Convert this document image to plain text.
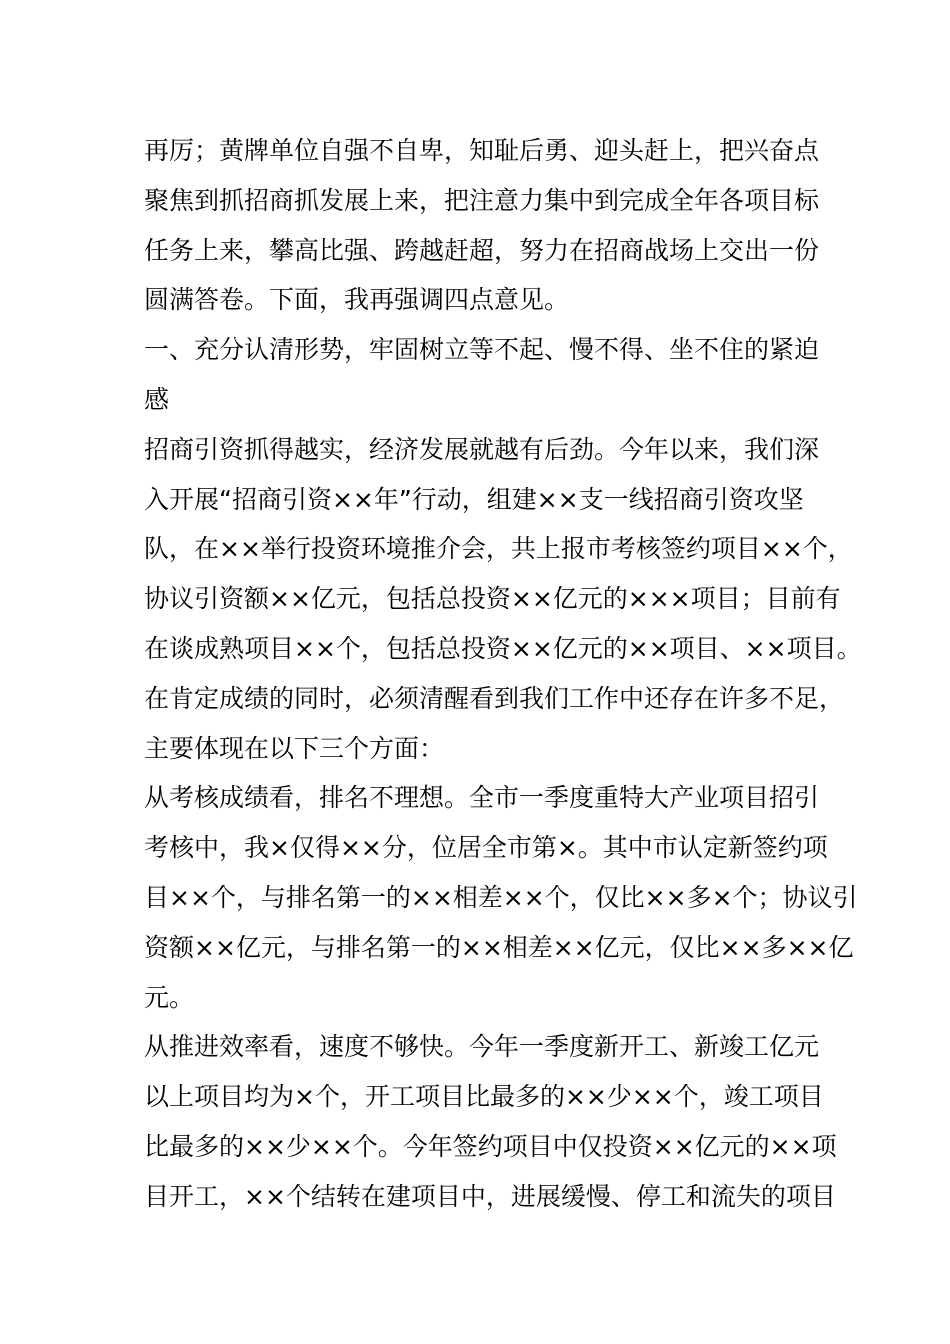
再厉；黄牌单位自强不自卑，知耻后勇、迎头赶上，把兴奋点
聚焦到抓招商抓发展上来，把注意力集中到完成全年各项目标
任务上来，攀高比强、跨越赶超，努力在招商战场上交出一份
圆满答卷。下面，我再强调四点意见。
一、充分认清形势，牢固树立等不起、慢不得、坐不住的紧迫
感
招商引资抓得越实，经济发展就越有后劲。今年以来，我们深
入开展“招商引资××年”行动，组建××支一线招商引资攻坚
队，在××举行投资环境推介会，共上报市考核签约项目××个，
协议引资额××亿元，包括总投资××亿元的×××项目；目前有
在谈成熟项目××个，包括总投资××亿元的××项目、××项目。
在肯定成绩的同时，必须清醒看到我们工作中还存在许多不足，
主要体现在以下三个方面：
从考核成绩看，排名不理想。全市一季度重特大产业项目招引
考核中，我×仅得××分，位居全市第×。其中市认定新签约项
目××个，与排名第一的××相差××个，仅比××多×个；协议引
资额××亿元，与排名第一的××相差××亿元，仅比××多××亿
元。
从推进效率看，速度不够快。今年一季度新开工、新竣工亿元
以上项目均为×个，开工项目比最多的××少××个，竣工项目
比最多的××少××个。今年签约项目中仅投资××亿元的××项
目开工，××个结转在建项目中，进展缓慢、停工和流失的项目
